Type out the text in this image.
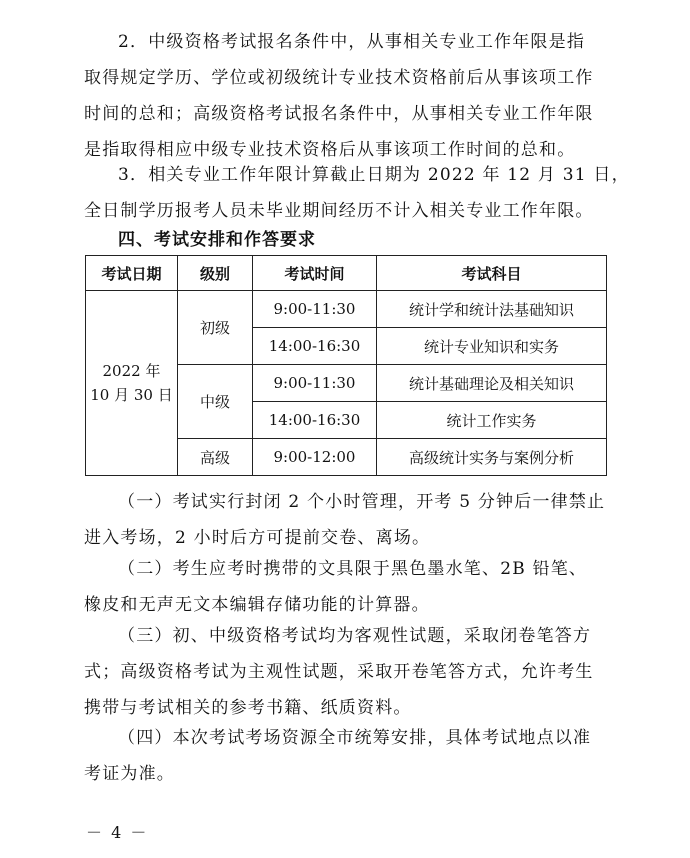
2．中级资格考试报名条件中，从事相关专业工作年限是指
取得规定学历、学位或初级统计专业技术资格前后从事该项工作
时间的总和；高级资格考试报名条件中，从事相关专业工作年限
是指取得相应中级专业技术资格后从事该项工作时间的总和。
3．相关专业工作年限计算截止日期为 2022 年 12 月 31 日，
全日制学历报考人员未毕业期间经历不计入相关专业工作年限。
四、考试安排和作答要求
考试日期	级别	考试时间	考试科目

2022 年
10 月 30 日	初级	9:00-11:30	统计学和统计法基础知识
		14:00-16:30	统计专业知识和实务
	中级	9:00-11:30	统计基础理论及相关知识
		14:00-16:30	统计工作实务
	高级	9:00-12:00	高级统计实务与案例分析
（一）考试实行封闭 2 个小时管理，开考 5 分钟后一律禁止
进入考场，2 小时后方可提前交卷、离场。
（二）考生应考时携带的文具限于黑色墨水笔、2B 铅笔、
橡皮和无声无文本编辑存储功能的计算器。
（三）初、中级资格考试均为客观性试题，采取闭卷笔答方
式；高级资格考试为主观性试题，采取开卷笔答方式，允许考生
携带与考试相关的参考书籍、纸质资料。
（四）本次考试考场资源全市统筹安排，具体考试地点以准
考证为准。
－ 4 －
